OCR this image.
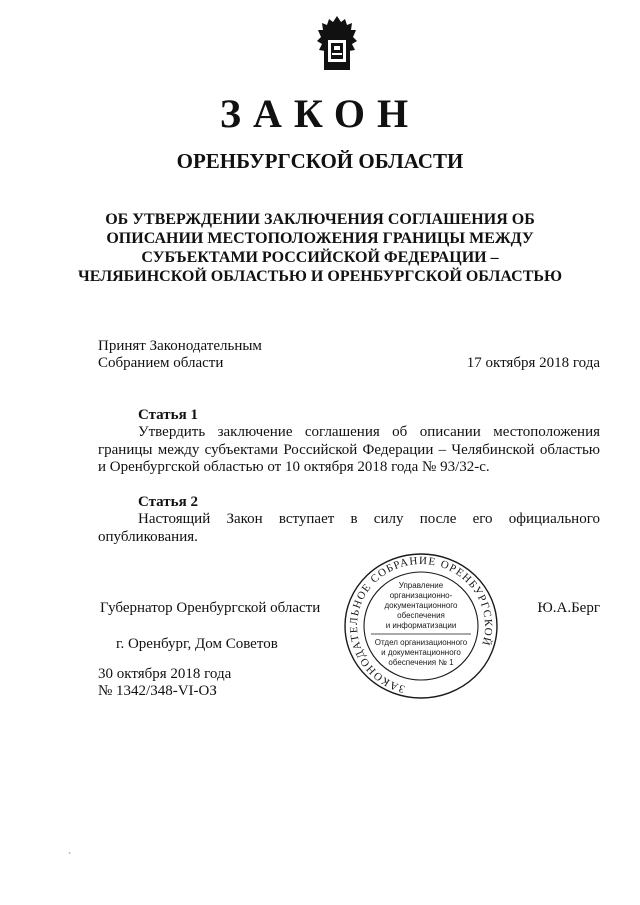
ЗАКОН
ОРЕНБУРГСКОЙ ОБЛАСТИ
ОБ УТВЕРЖДЕНИИ ЗАКЛЮЧЕНИЯ СОГЛАШЕНИЯ ОБ
ОПИСАНИИ МЕСТОПОЛОЖЕНИЯ ГРАНИЦЫ МЕЖДУ
СУБЪЕКТАМИ РОССИЙСКОЙ ФЕДЕРАЦИИ –
ЧЕЛЯБИНСКОЙ ОБЛАСТЬЮ И ОРЕНБУРГСКОЙ ОБЛАСТЬЮ
Принят Законодательным
Собранием области	17 октября 2018 года
Статья 1
Утвердить заключение соглашения об описании местоположения
границы между субъектами Российской Федерации – Челябинской областью и Оренбургской областью от 10 октября 2018 года № 93/32-с.
Статья 2
Настоящий Закон вступает в силу после его официального
опубликования.
ЗАКОНОДАТЕЛЬНОЕ СОБРАНИЕ ОРЕНБУРГСКОЙ
Управление
организационно-
документационного
обеспечения
и информатизации
Отдел организационного
и документационного
обеспечения № 1
Губернатор Оренбургской области	Ю.А.Берг
г. Оренбург, Дом Советов
30 октября 2018 года
№ 1342/348-VI-ОЗ
`
